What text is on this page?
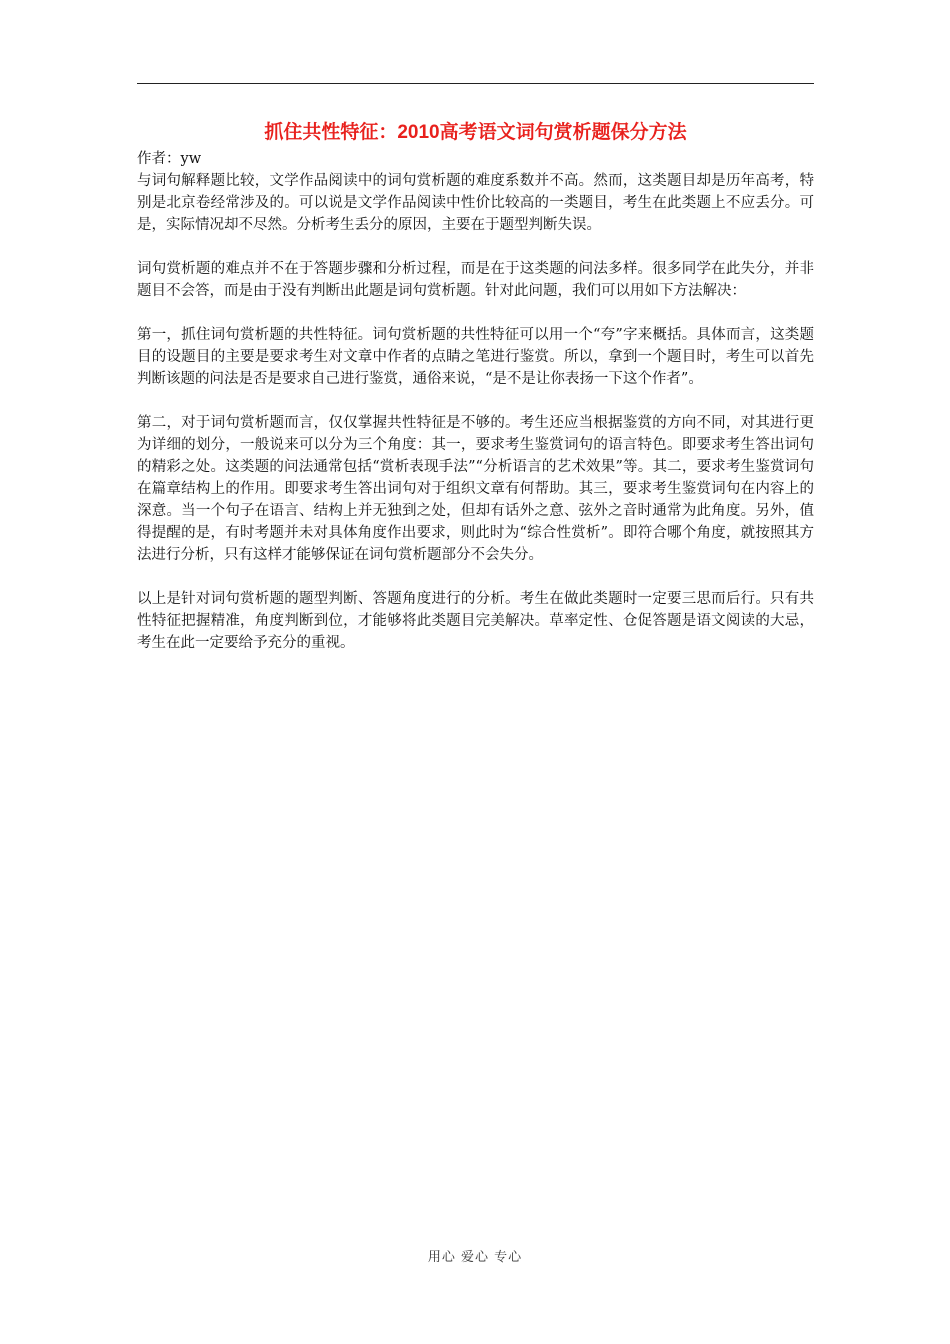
抓住共性特征：2010高考语文词句赏析题保分方法

作者：yw

与词句解释题比较，文学作品阅读中的词句赏析题的难度系数并不高。然而，这类题目却是历年高考，特别是北京卷经常涉及的。可以说是文学作品阅读中性价比较高的一类题目，考生在此类题上不应丢分。可是，实际情况却不尽然。分析考生丢分的原因，主要在于题型判断失误。

词句赏析题的难点并不在于答题步骤和分析过程，而是在于这类题的问法多样。很多同学在此失分，并非题目不会答，而是由于没有判断出此题是词句赏析题。针对此问题，我们可以用如下方法解决：

第一，抓住词句赏析题的共性特征。词句赏析题的共性特征可以用一个“夸”字来概括。具体而言，这类题目的设题目的主要是要求考生对文章中作者的点睛之笔进行鉴赏。所以，拿到一个题目时，考生可以首先判断该题的问法是否是要求自己进行鉴赏，通俗来说，“是不是让你表扬一下这个作者”。

第二，对于词句赏析题而言，仅仅掌握共性特征是不够的。考生还应当根据鉴赏的方向不同，对其进行更为详细的划分，一般说来可以分为三个角度：其一，要求考生鉴赏词句的语言特色。即要求考生答出词句的精彩之处。这类题的问法通常包括“赏析表现手法”“分析语言的艺术效果”等。其二，要求考生鉴赏词句在篇章结构上的作用。即要求考生答出词句对于组织文章有何帮助。其三，要求考生鉴赏词句在内容上的深意。当一个句子在语言、结构上并无独到之处，但却有话外之意、弦外之音时通常为此角度。另外，值得提醒的是，有时考题并未对具体角度作出要求，则此时为“综合性赏析”。即符合哪个角度，就按照其方法进行分析，只有这样才能够保证在词句赏析题部分不会失分。

以上是针对词句赏析题的题型判断、答题角度进行的分析。考生在做此类题时一定要三思而后行。只有共性特征把握精准，角度判断到位，才能够将此类题目完美解决。草率定性、仓促答题是语文阅读的大忌，考生在此一定要给予充分的重视。

用心 爱心 专心
